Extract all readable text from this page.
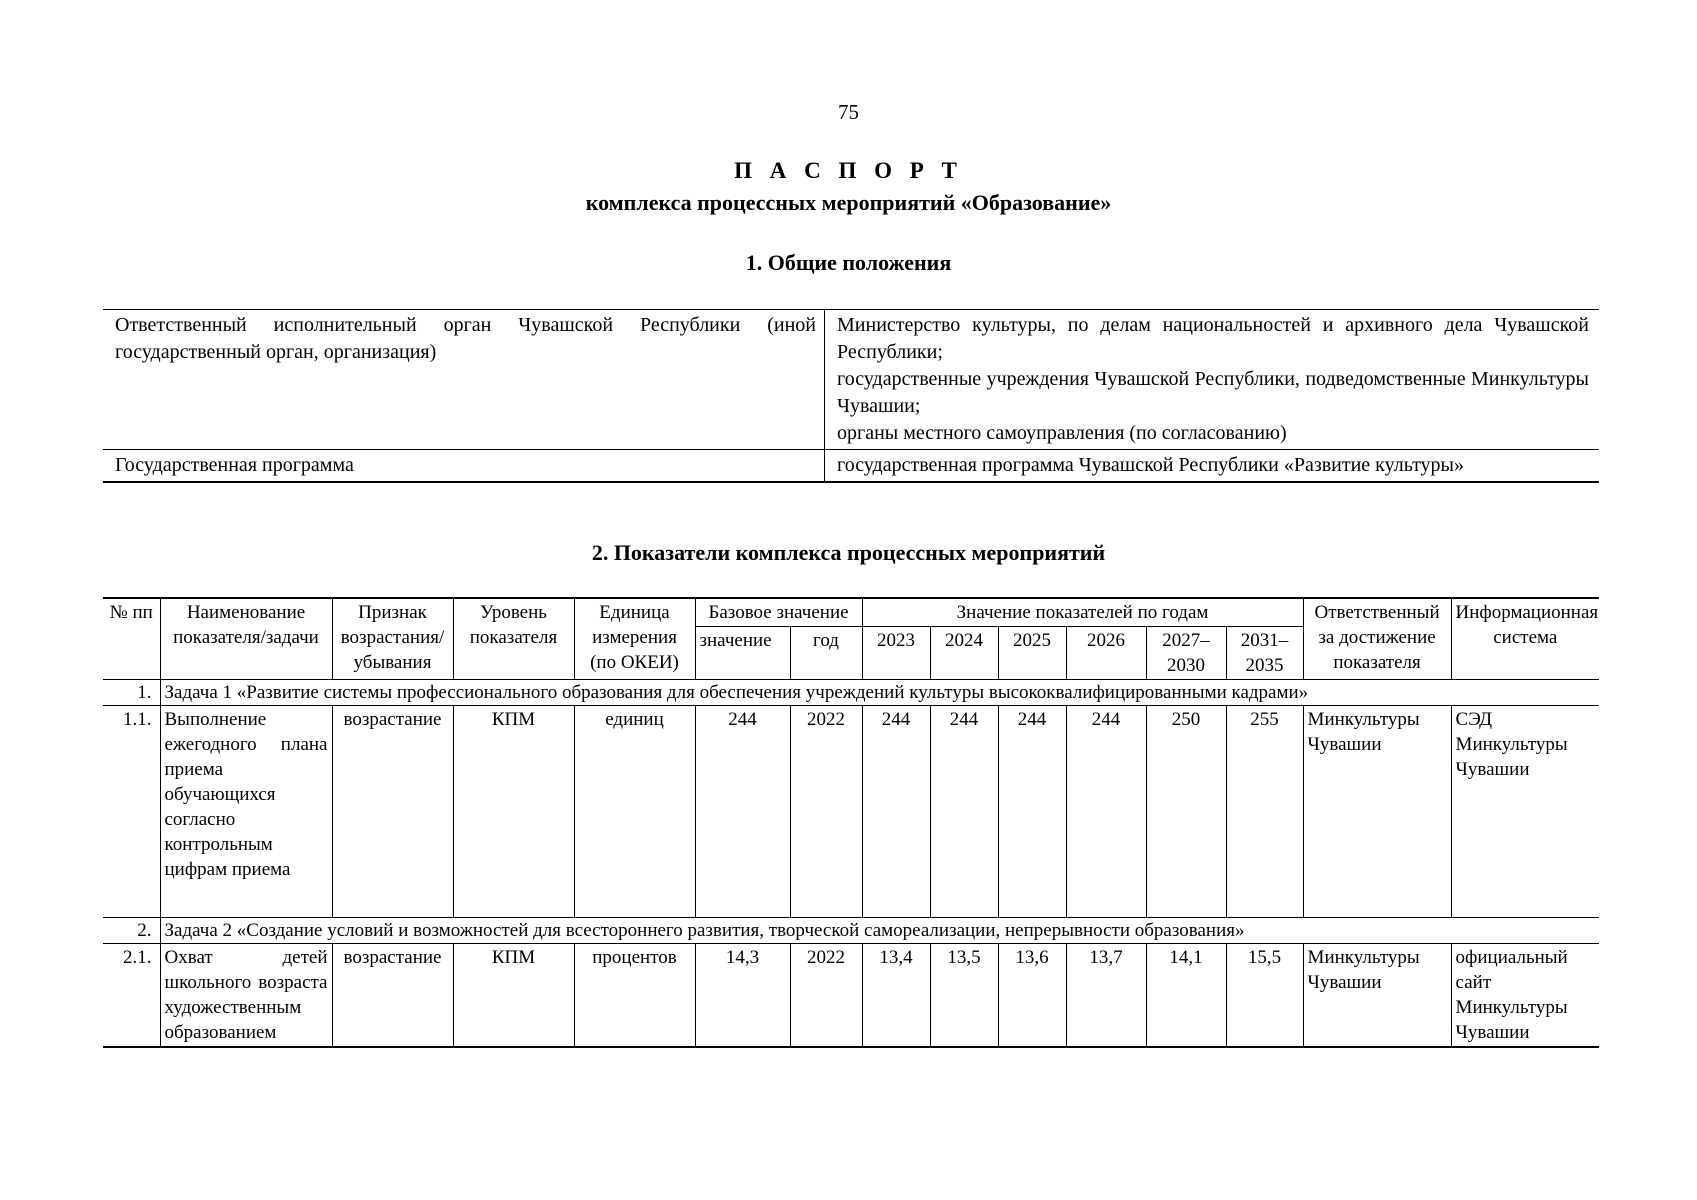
75
П А С П О Р Т
комплекса процессных мероприятий «Образование»
1. Общие положения
Ответственный исполнительный орган Чувашской Республики (иной государственный орган, организация)	Министерство культуры, по делам национальностей и архивного дела Чувашской Республики;
государственные учреждения Чувашской Республики, подведомственные Минкультуры Чувашии;
органы местного самоуправления (по согласованию)

Государственная программа	государственная программа Чувашской Республики «Развитие культуры»
2. Показатели комплекса процессных мероприятий
№ пп	Наименование показателя/задачи	Признак возрастания/ убывания	Уровень показателя	Единица измерения (по ОКЕИ)	Базовое значение		Значение показателей по годам						Ответственный за достижение показателя	Информационная система
					значение	год	2023	2024	2025	2026	2027–2030	2031–2035		
1.	Задача 1 «Развитие системы профессионального образования для обеспечения учреждений культуры высококвалифицированными кадрами»													
1.1.	Выполнение ежегодного плана приема обучающихся согласно контрольным цифрам приема	возрастание	КПМ	единиц	244	2022	244	244	244	244	250	255	Минкультуры Чувашии	СЭД Минкультуры Чувашии
2.	Задача 2 «Создание условий и возможностей для всестороннего развития, творческой самореализации, непрерывности образования»													
2.1.	Охват детей школьного возраста художественным образованием	возрастание	КПМ	процентов	14,3	2022	13,4	13,5	13,6	13,7	14,1	15,5	Минкультуры Чувашии	официальный сайт Минкультуры Чувашии
